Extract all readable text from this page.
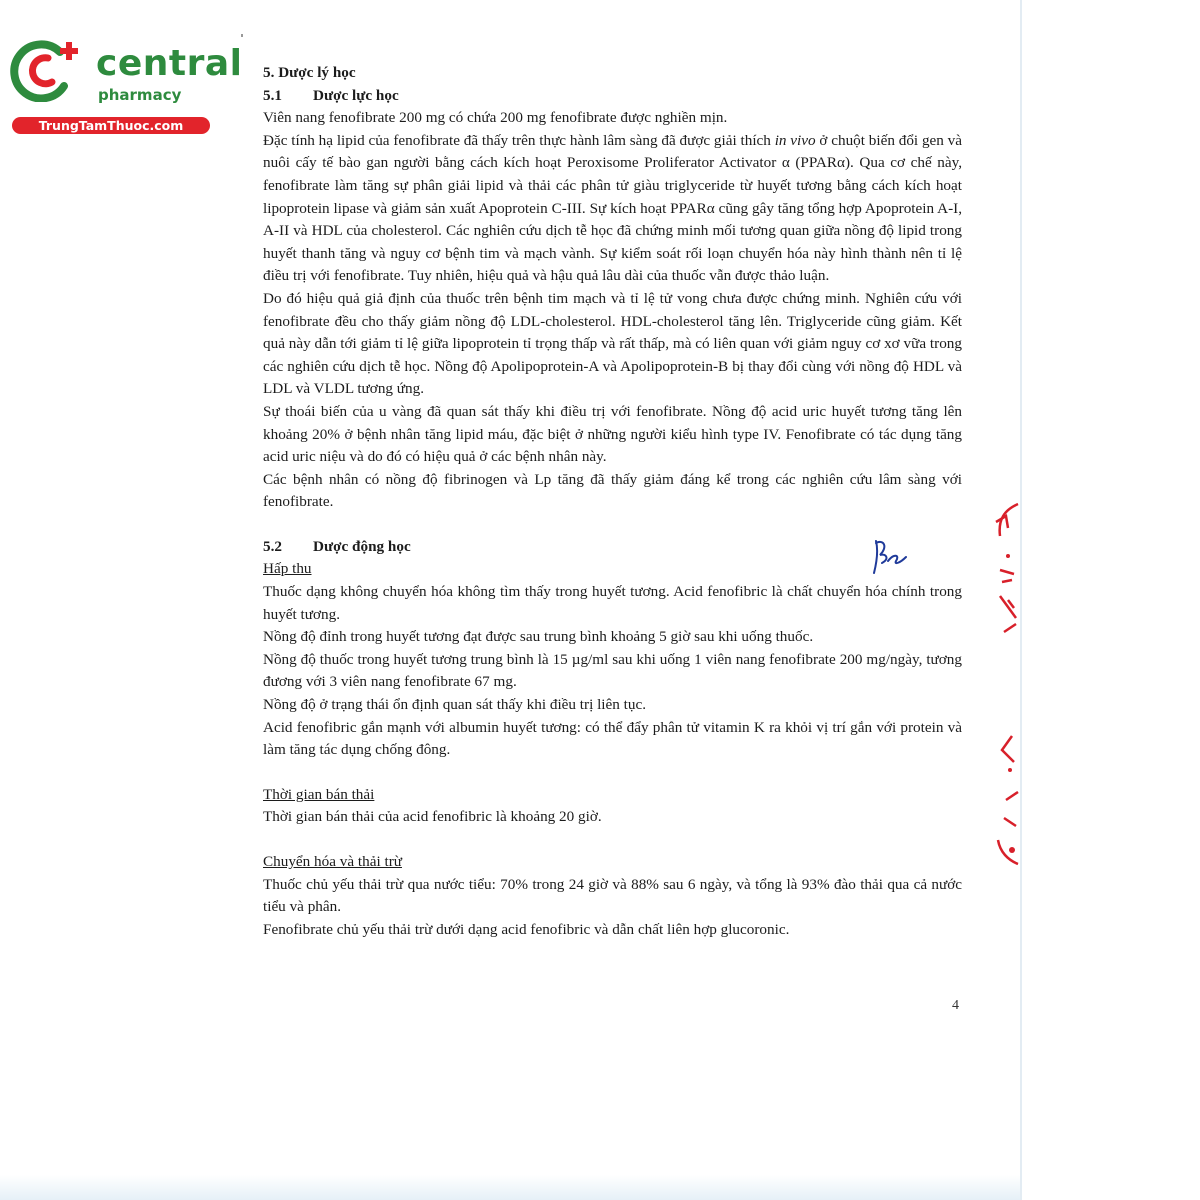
central
pharmacy
TrungTamThuoc.com

5. Dược lý học

5.1 Dược lực học

Viên nang fenofibrate 200 mg có chứa 200 mg fenofibrate được nghiền mịn.

Đặc tính hạ lipid của fenofibrate đã thấy trên thực hành lâm sàng đã được giải thích in vivo ở chuột biến đổi gen và nuôi cấy tế bào gan người bằng cách kích hoạt Peroxisome Proliferator Activator α (PPARα). Qua cơ chế này, fenofibrate làm tăng sự phân giải lipid và thải các phân tử giàu triglyceride từ huyết tương bằng cách kích hoạt lipoprotein lipase và giảm sản xuất Apoprotein C-III. Sự kích hoạt PPARα cũng gây tăng tổng hợp Apoprotein A-I, A-II và HDL của cholesterol. Các nghiên cứu dịch tễ học đã chứng minh mối tương quan giữa nồng độ lipid trong huyết thanh tăng và nguy cơ bệnh tim và mạch vành. Sự kiểm soát rối loạn chuyển hóa này hình thành nên tỉ lệ điều trị với fenofibrate. Tuy nhiên, hiệu quả và hậu quả lâu dài của thuốc vẫn được thảo luận.

Do đó hiệu quả giả định của thuốc trên bệnh tim mạch và tỉ lệ tử vong chưa được chứng minh. Nghiên cứu với fenofibrate đều cho thấy giảm nồng độ LDL-cholesterol. HDL-cholesterol tăng lên. Triglyceride cũng giảm. Kết quả này dẫn tới giảm tỉ lệ giữa lipoprotein tỉ trọng thấp và rất thấp, mà có liên quan với giảm nguy cơ xơ vữa trong các nghiên cứu dịch tễ học. Nồng độ Apolipoprotein-A và Apolipoprotein-B bị thay đổi cùng với nồng độ HDL và LDL và VLDL tương ứng.

Sự thoái biến của u vàng đã quan sát thấy khi điều trị với fenofibrate. Nồng độ acid uric huyết tương tăng lên khoảng 20% ở bệnh nhân tăng lipid máu, đặc biệt ở những người kiểu hình type IV. Fenofibrate có tác dụng tăng acid uric niệu và do đó có hiệu quả ở các bệnh nhân này.

Các bệnh nhân có nồng độ fibrinogen và Lp tăng đã thấy giảm đáng kể trong các nghiên cứu lâm sàng với fenofibrate.

5.2 Dược động học

Hấp thu

Thuốc dạng không chuyển hóa không tìm thấy trong huyết tương. Acid fenofibric là chất chuyển hóa chính trong huyết tương.

Nồng độ đỉnh trong huyết tương đạt được sau trung bình khoảng 5 giờ sau khi uống thuốc.

Nồng độ thuốc trong huyết tương trung bình là 15 µg/ml sau khi uống 1 viên nang fenofibrate 200 mg/ngày, tương đương với 3 viên nang fenofibrate 67 mg.

Nồng độ ở trạng thái ổn định quan sát thấy khi điều trị liên tục.

Acid fenofibric gắn mạnh với albumin huyết tương: có thể đẩy phân tử vitamin K ra khỏi vị trí gắn với protein và làm tăng tác dụng chống đông.

Thời gian bán thải

Thời gian bán thải của acid fenofibric là khoảng 20 giờ.

Chuyển hóa và thải trừ

Thuốc chủ yếu thải trừ qua nước tiểu: 70% trong 24 giờ và 88% sau 6 ngày, và tổng là 93% đào thải qua cả nước tiểu và phân.

Fenofibrate chủ yếu thải trừ dưới dạng acid fenofibric và dẫn chất liên hợp glucoronic.

4
